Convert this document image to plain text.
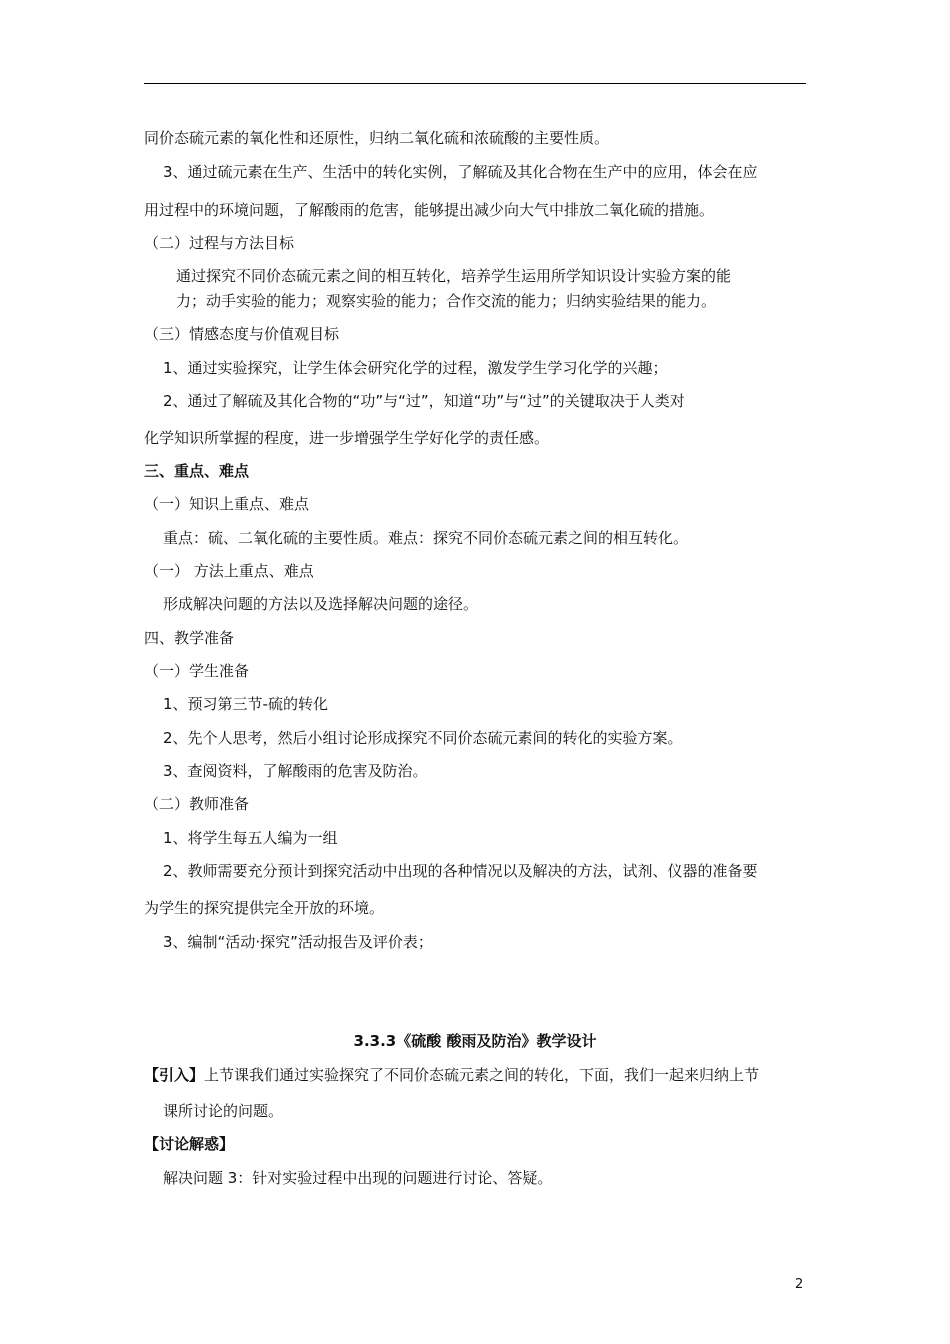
同价态硫元素的氧化性和还原性，归纳二氧化硫和浓硫酸的主要性质。
3、通过硫元素在生产、生活中的转化实例，了解硫及其化合物在生产中的应用，体会在应
用过程中的环境问题，了解酸雨的危害，能够提出减少向大气中排放二氧化硫的措施。
（二）过程与方法目标
通过探究不同价态硫元素之间的相互转化，培养学生运用所学知识设计实验方案的能
力；动手实验的能力；观察实验的能力；合作交流的能力；归纳实验结果的能力。
（三）情感态度与价值观目标
1、通过实验探究，让学生体会研究化学的过程，激发学生学习化学的兴趣；
2、通过了解硫及其化合物的“功”与“过”，知道“功”与“过”的关键取决于人类对
化学知识所掌握的程度，进一步增强学生学好化学的责任感。
三、重点、难点
（一）知识上重点、难点
重点：硫、二氧化硫的主要性质。难点：探究不同价态硫元素之间的相互转化。
（一） 方法上重点、难点
形成解决问题的方法以及选择解决问题的途径。
四、教学准备
（一）学生准备
1、预习第三节-硫的转化
2、先个人思考，然后小组讨论形成探究不同价态硫元素间的转化的实验方案。
3、查阅资料，了解酸雨的危害及防治。
（二）教师准备
1、将学生每五人编为一组
2、教师需要充分预计到探究活动中出现的各种情况以及解决的方法，试剂、仪器的准备要
为学生的探究提供完全开放的环境。
3、编制“活动·探究”活动报告及评价表；
3.3.3《硫酸 酸雨及防治》教学设计
【引入】上节课我们通过实验探究了不同价态硫元素之间的转化，下面，我们一起来归纳上节
课所讨论的问题。
【讨论解惑】
解决问题 3：针对实验过程中出现的问题进行讨论、答疑。
2
